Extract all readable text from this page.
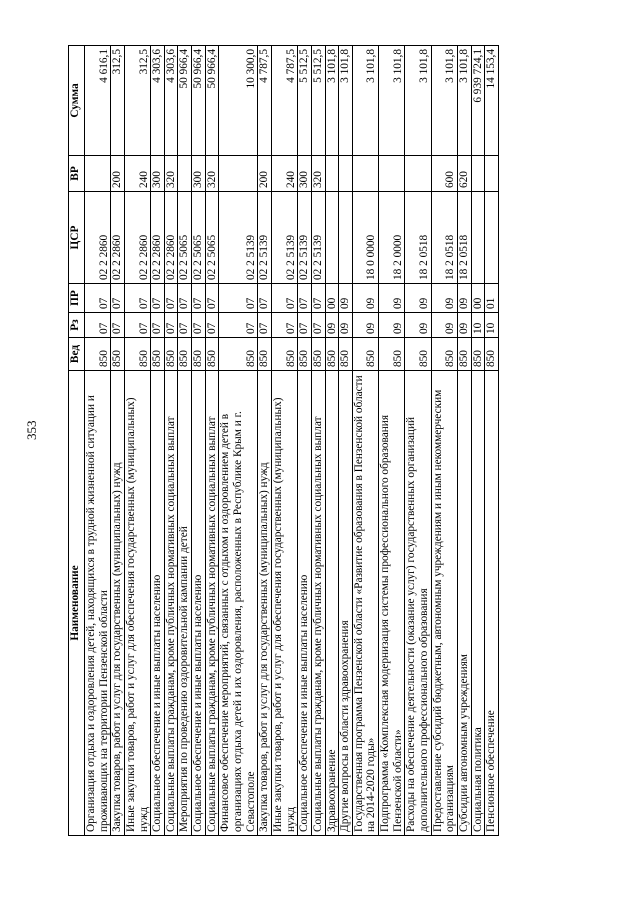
353
Наименование	Вед	Рз	ПР	ЦСР	ВР	Сумма
Организация отдыха и оздоровления детей, находящихся в трудной жизненной ситуации и проживающих на территории Пензенской области	850	07	07	02 2 2860		4 616,1
Закупка товаров, работ и услуг для государственных (муниципальных) нужд	850	07	07	02 2 2860	200	312,5
Иные закупки товаров, работ и услуг для обеспечения государственных (муниципальных) нужд	850	07	07	02 2 2860	240	312,5
Социальное обеспечение и иные выплаты населению	850	07	07	02 2 2860	300	4 303,6
Социальные выплаты гражданам, кроме публичных нормативных социальных выплат	850	07	07	02 2 2860	320	4 303,6
Мероприятия по проведению оздоровительной кампании детей	850	07	07	02 2 5065		50 966,4
Социальное обеспечение и иные выплаты населению	850	07	07	02 2 5065	300	50 966,4
Социальные выплаты гражданам, кроме публичных нормативных социальных выплат	850	07	07	02 2 5065	320	50 966,4
Финансовое обеспечение мероприятий, связанных с отдыхом и оздоровлением детей в организациях отдыха детей и их оздоровления, расположенных в Республике Крым и г. Севастополе	850	07	07	02 2 5139		10 300,0
Закупка товаров, работ и услуг для государственных (муниципальных) нужд	850	07	07	02 2 5139	200	4 787,5
Иные закупки товаров, работ и услуг для обеспечения государственных (муниципальных) нужд	850	07	07	02 2 5139	240	4 787,5
Социальное обеспечение и иные выплаты населению	850	07	07	02 2 5139	300	5 512,5
Социальные выплаты гражданам, кроме публичных нормативных социальных выплат	850	07	07	02 2 5139	320	5 512,5
Здравоохранение	850	09	00			3 101,8
Другие вопросы в области здравоохранения	850	09	09			3 101,8
Государственная программа Пензенской области «Развитие образования в Пензенской области на 2014-2020 годы»	850	09	09	18 0 0000		3 101,8
Подпрограмма «Комплексная модернизация системы профессионального образования Пензенской области»	850	09	09	18 2 0000		3 101,8
Расходы на обеспечение деятельности (оказание услуг) государственных организаций дополнительного профессионального образования	850	09	09	18 2 0518		3 101,8
Предоставление субсидий бюджетным, автономным учреждениям и иным некоммерческим организациям	850	09	09	18 2 0518	600	3 101,8
Субсидии автономным учреждениям	850	09	09	18 2 0518	620	3 101,8
Социальная политика	850	10	00			6 939 724,1
Пенсионное обеспечение	850	10	01			14 153,4
